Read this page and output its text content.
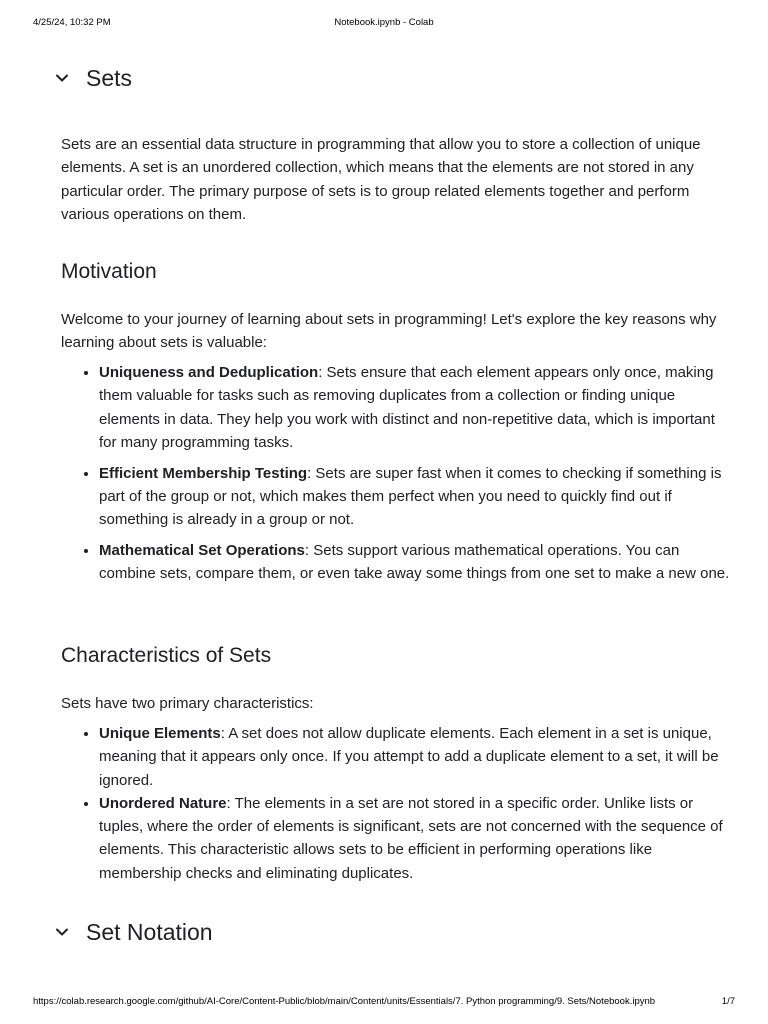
4/25/24, 10:32 PM	Notebook.ipynb - Colab
Sets

Sets are an essential data structure in programming that allow you to store a collection of unique elements. A set is an unordered collection, which means that the elements are not stored in any particular order. The primary purpose of sets is to group related elements together and perform various operations on them.

Motivation

Welcome to your journey of learning about sets in programming! Let's explore the key reasons why learning about sets is valuable:

• Uniqueness and Deduplication: Sets ensure that each element appears only once, making them valuable for tasks such as removing duplicates from a collection or finding unique elements in data. They help you work with distinct and non-repetitive data, which is important for many programming tasks.
• Efficient Membership Testing: Sets are super fast when it comes to checking if something is part of the group or not, which makes them perfect when you need to quickly find out if something is already in a group or not.
• Mathematical Set Operations: Sets support various mathematical operations. You can combine sets, compare them, or even take away some things from one set to make a new one.
Characteristics of Sets

Sets have two primary characteristics:

• Unique Elements: A set does not allow duplicate elements. Each element in a set is unique, meaning that it appears only once. If you attempt to add a duplicate element to a set, it will be ignored.
• Unordered Nature: The elements in a set are not stored in a specific order. Unlike lists or tuples, where the order of elements is significant, sets are not concerned with the sequence of elements. This characteristic allows sets to be efficient in performing operations like membership checks and eliminating duplicates.
Set Notation
https://colab.research.google.com/github/AI-Core/Content-Public/blob/main/Content/units/Essentials/7. Python programming/9. Sets/Notebook.ipynb	1/7
